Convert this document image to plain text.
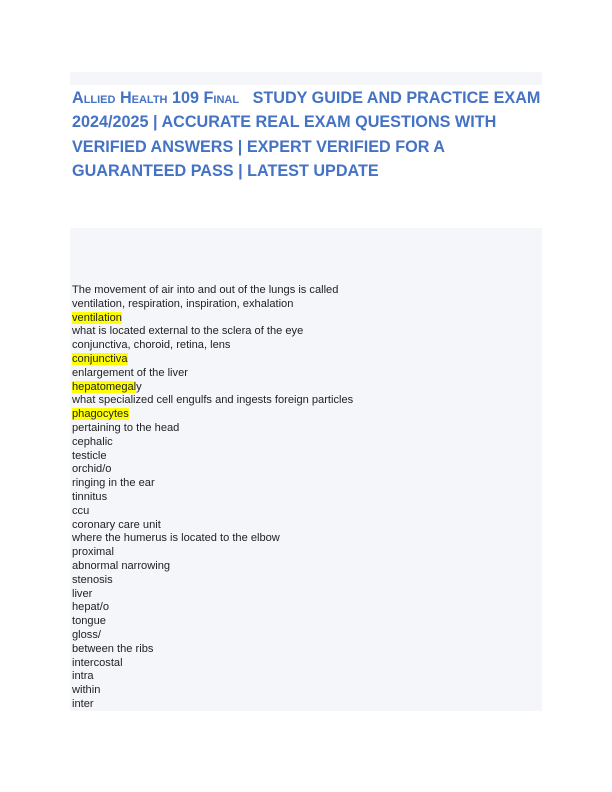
Allied Health 109 Final STUDY GUIDE AND PRACTICE EXAM 2024/2025 | ACCURATE REAL EXAM QUESTIONS WITH VERIFIED ANSWERS | EXPERT VERIFIED FOR A GUARANTEED PASS | LATEST UPDATE
The movement of air into and out of the lungs is called
ventilation, respiration, inspiration, exhalation
ventilation
what is located external to the sclera of the eye
conjunctiva, choroid, retina, lens
conjunctiva
enlargement of the liver
hepatomegaly
what specialized cell engulfs and ingests foreign particles
phagocytes
pertaining to the head
cephalic
testicle
orchid/o
ringing in the ear
tinnitus
ccu
coronary care unit
where the humerus is located to the elbow
proximal
abnormal narrowing
stenosis
liver
hepat/o
tongue
gloss/
between the ribs
intercostal
intra
within
inter
